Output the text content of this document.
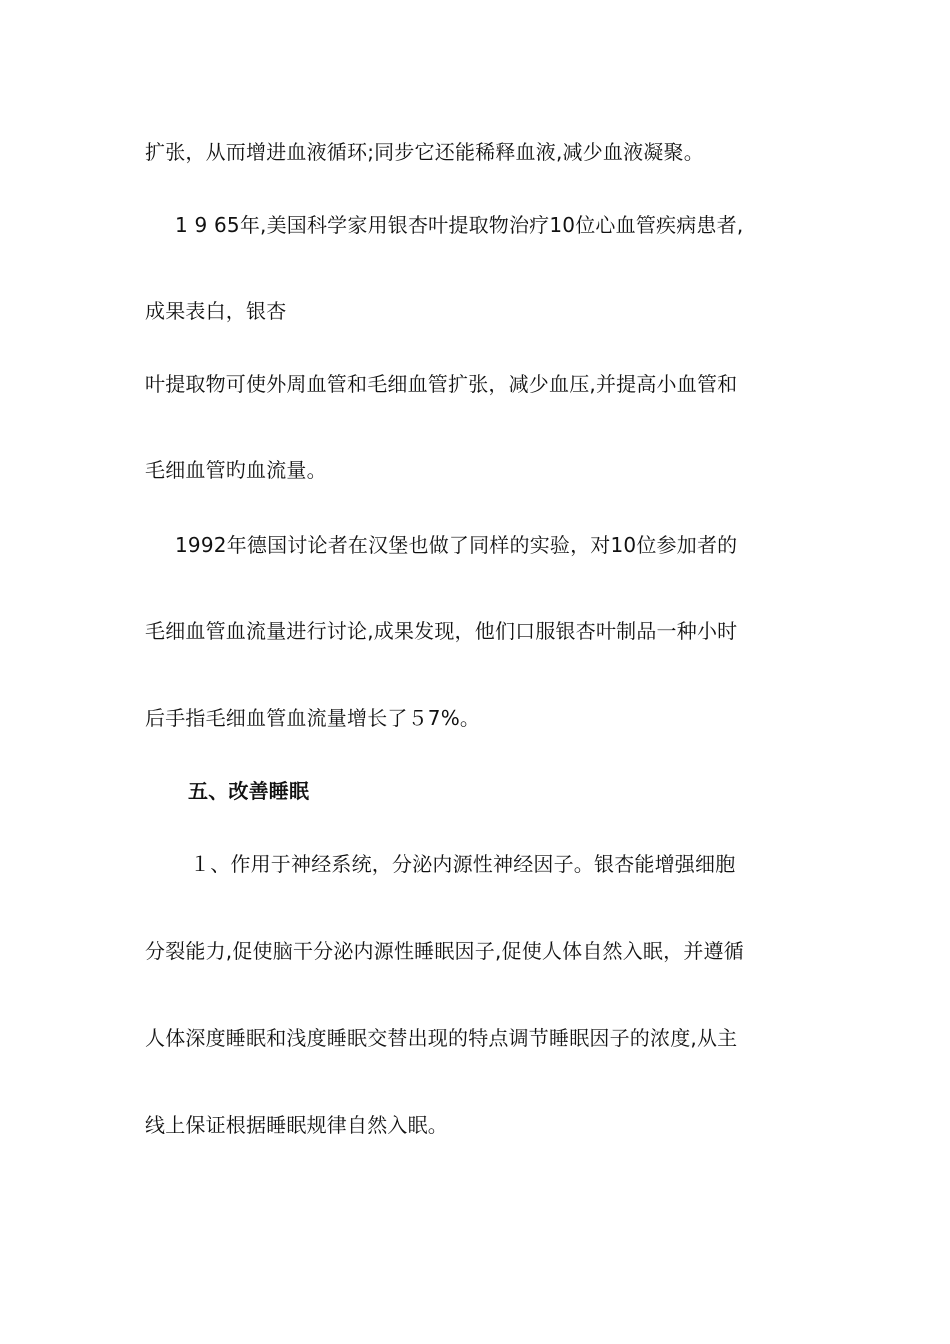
扩张，从而增进血液循环;同步它还能稀释血液,减少血液凝聚。
1 9 65年,美国科学家用银杏叶提取物治疗10位心血管疾病患者,
成果表白，银杏
叶提取物可使外周血管和毛细血管扩张，减少血压,并提高小血管和
毛细血管旳血流量。
1992年德国讨论者在汉堡也做了同样的实验，对10位参加者的
毛细血管血流量进行讨论,成果发现，他们口服银杏叶制品一种小时
后手指毛细血管血流量增长了５7%。
五、改善睡眠
１、作用于神经系统，分泌内源性神经因子。银杏能增强细胞
分裂能力,促使脑干分泌内源性睡眠因子,促使人体自然入眠，并遵循
人体深度睡眠和浅度睡眠交替出现的特点调节睡眠因子的浓度,从主
线上保证根据睡眠规律自然入眠。
